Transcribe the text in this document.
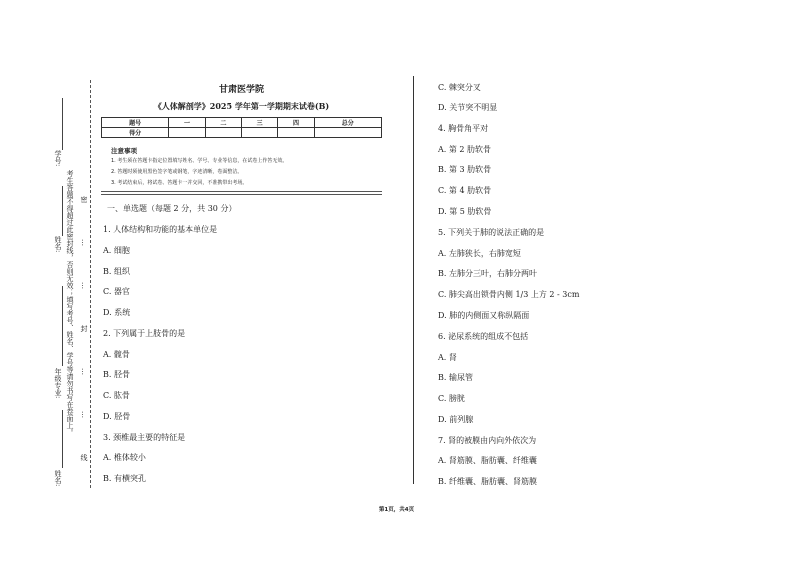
学号:
姓名:
年级专业:
姓名:
考生答题不得超过此密封线，否则无效；填写考号、姓名、学号等请勿书写在卷面上。 密……封……线
甘肃医学院
《人体解剖学》2025 学年第一学期期末试卷(B)
题号	一	二	三	四	总分
得分					
注意事项
1. 考生须在答题卡指定位置填写姓名、学号、专业等信息，在试卷上作答无效。
2. 答题时须使用黑色签字笔或钢笔，字迹清晰，卷面整洁。
3. 考试结束后，将试卷、答题卡一并交回，不准携带出考场。
一、单选题（每题 2 分，共 30 分）
1. 人体结构和功能的基本单位是
A. 细胞
B. 组织
C. 器官
D. 系统
2. 下列属于上肢骨的是
A. 髋骨
B. 胫骨
C. 肱骨
D. 胫骨
3. 颈椎最主要的特征是
A. 椎体较小
B. 有横突孔
C. 棘突分叉
D. 关节突不明显
4. 胸骨角平对
A. 第 2 肋软骨
B. 第 3 肋软骨
C. 第 4 肋软骨
D. 第 5 肋软骨
5. 下列关于肺的说法正确的是
A. 左肺狭长，右肺宽短
B. 左肺分三叶，右肺分两叶
C. 肺尖高出锁骨内侧 1/3 上方 2 - 3cm
D. 肺的内侧面又称纵隔面
6. 泌尿系统的组成不包括
A. 肾
B. 输尿管
C. 膀胱
D. 前列腺
7. 肾的被膜由内向外依次为
A. 肾筋膜、脂肪囊、纤维囊
B. 纤维囊、脂肪囊、肾筋膜
第1页，共4页
